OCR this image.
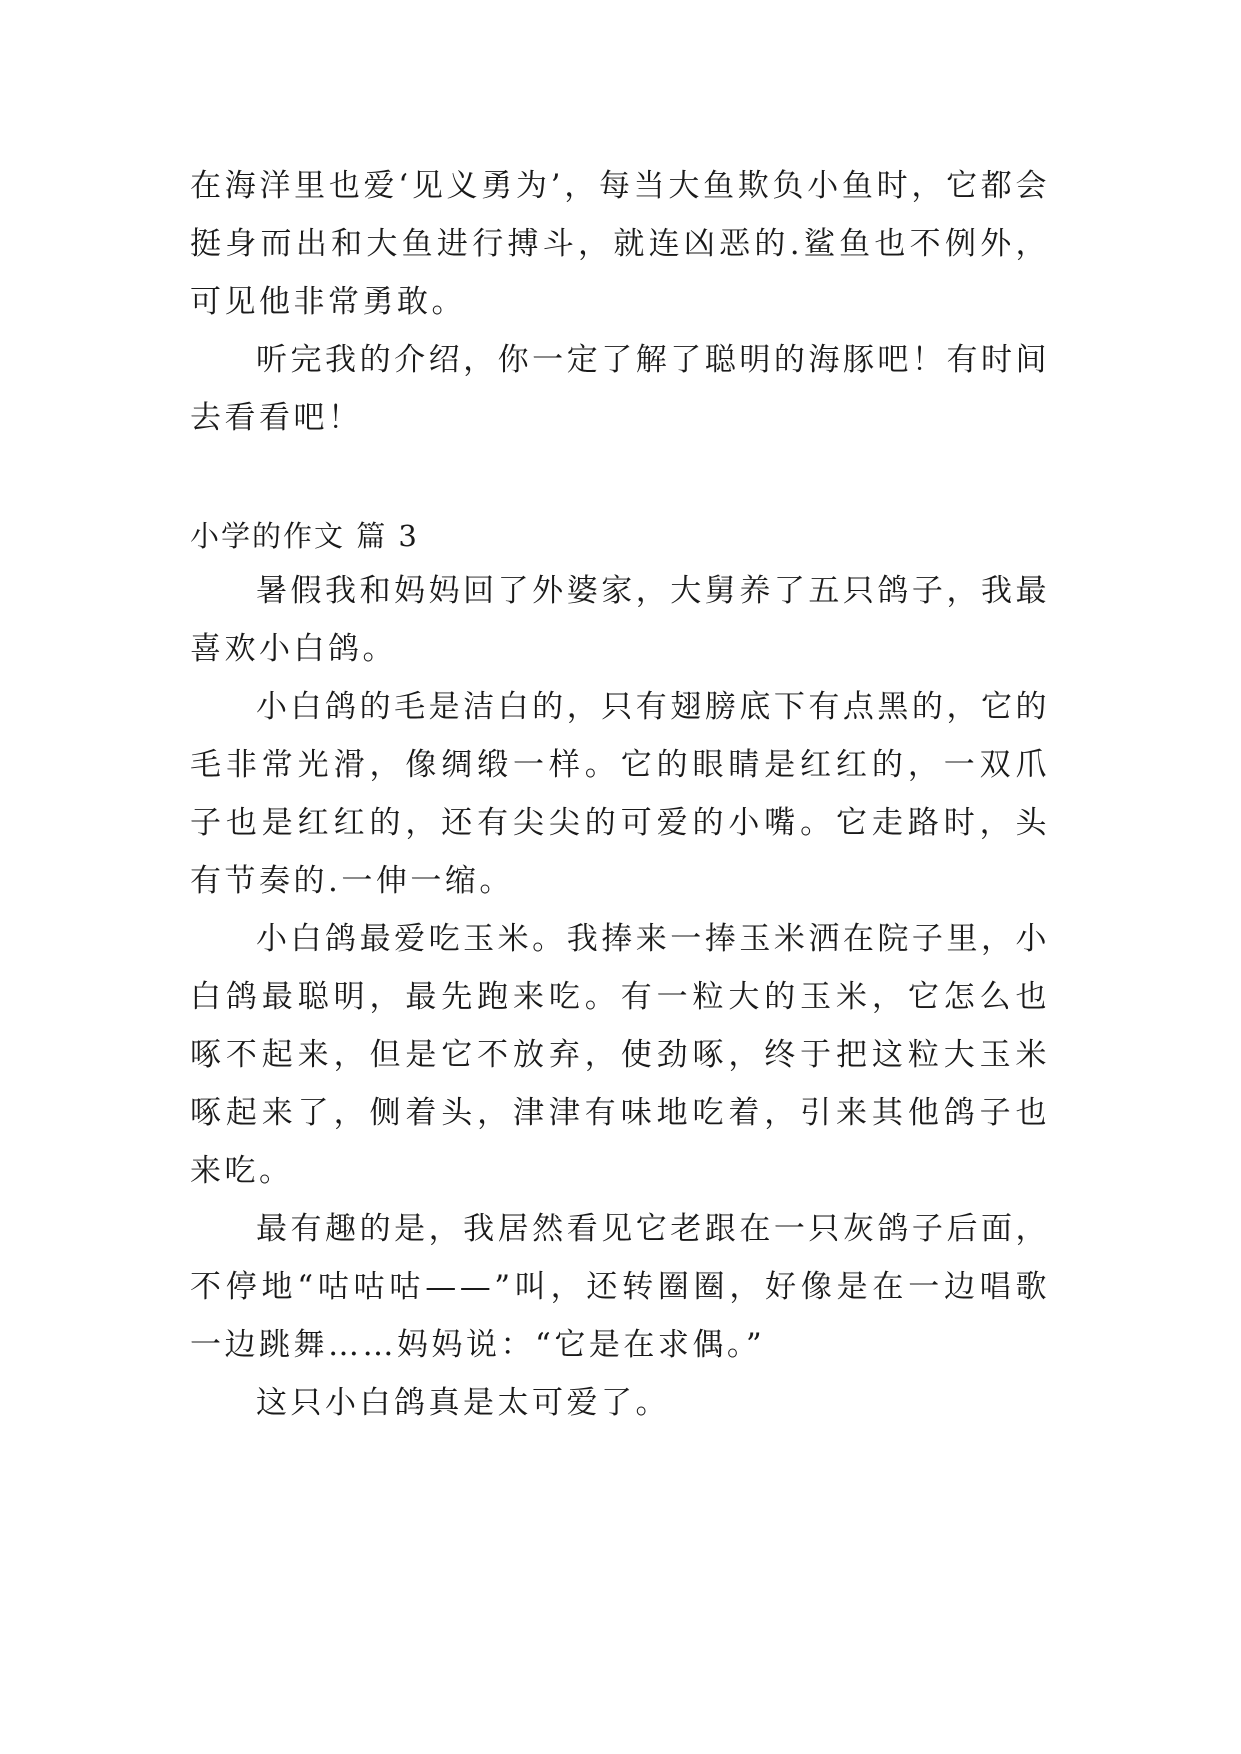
在海洋里也爱‘见义勇为’，每当大鱼欺负小鱼时，它都会挺身而出和大鱼进行搏斗，就连凶恶的.鲨鱼也不例外，可见他非常勇敢。

听完我的介绍，你一定了解了聪明的海豚吧！有时间去看看吧！

小学的作文 篇 3

暑假我和妈妈回了外婆家，大舅养了五只鸽子，我最喜欢小白鸽。

小白鸽的毛是洁白的，只有翅膀底下有点黑的，它的毛非常光滑，像绸缎一样。它的眼睛是红红的，一双爪子也是红红的，还有尖尖的可爱的小嘴。它走路时，头有节奏的.一伸一缩。

小白鸽最爱吃玉米。我捧来一捧玉米洒在院子里，小白鸽最聪明，最先跑来吃。有一粒大的玉米，它怎么也啄不起来，但是它不放弃，使劲啄，终于把这粒大玉米啄起来了，侧着头，津津有味地吃着，引来其他鸽子也来吃。

最有趣的是，我居然看见它老跟在一只灰鸽子后面，不停地“咕咕咕——”叫，还转圈圈，好像是在一边唱歌一边跳舞……妈妈说：“它是在求偶。”

这只小白鸽真是太可爱了。
